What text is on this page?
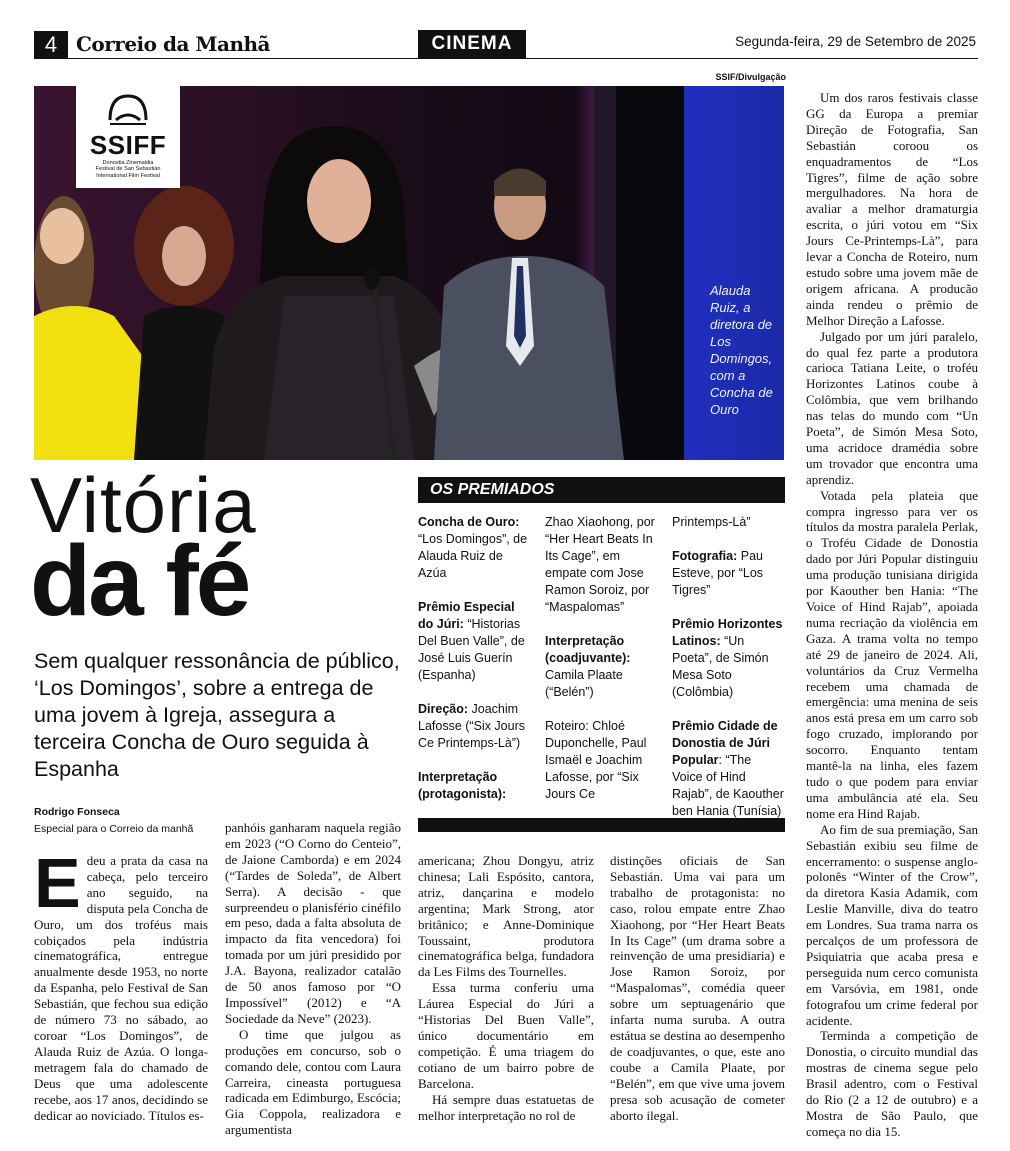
4 Correio da Manhã	CINEMA	Segunda-feira, 29 de Setembro de 2025
SSIF/Divulgação
SSIFF
Donostia Zinemaldia
Festival de San Sebastián
International Film Festival
Alauda Ruiz, a diretora de Los Domingos, com a Concha de Ouro
Vitória
da fé
Sem qualquer ressonância de público, ‘Los Domingos’, sobre a entrega de uma jovem à Igreja, assegura a terceira Concha de Ouro seguida à Espanha
Rodrigo Fonseca
Especial para o Correio da manhã
OS PREMIADOS
Concha de Ouro: “Los Domingos”, de Alauda Ruiz de Azúa
Prêmio Especial do Júri: “Historias Del Buen Valle”, de José Luis Guerín (Espanha)
Direção: Joachim Lafosse (“Six Jours Ce Printemps-Là”)
Interpretação (protagonista):
Zhao Xiaohong, por “Her Heart Beats In Its Cage”, em empate com Jose Ramon Soroiz, por “Maspalomas”
Interpretação (coadjuvante): Camila Plaate (“Belén”)
Roteiro: Chloé Duponchelle, Paul Ismaël e Joachim Lafosse, por “Six Jours Ce
Printemps-Là”
Fotografia: Pau Esteve, por “Los Tigres”
Prêmio Horizontes Latinos: “Un Poeta”, de Simón Mesa Soto (Colômbia)
Prêmio Cidade de Donostia de Júri Popular: “The Voice of Hind Rajab”, de Kaouther ben Hania (Tunísia)
E deu a prata da casa na cabeça, pelo terceiro ano seguido, na disputa pela Concha de Ouro, um dos troféus mais cobiçados pela indústria cinematográfica, entregue anualmente desde 1953, no norte da Espanha, pelo Festival de San Sebastián, que fechou sua edição de número 73 no sábado, ao coroar “Los Domingos”, de Alauda Ruiz de Azúa. O longa-metragem fala do chamado de Deus que uma adolescente recebe, aos 17 anos, decidindo se dedicar ao noviciado. Títulos es-

panhóis ganharam naquela região em 2023 (“O Corno do Centeio”, de Jaione Camborda) e em 2024 (“Tardes de Soleda”, de Albert Serra). A decisão - que surpreendeu o planisfério cinéfilo em peso, dada a falta absoluta de impacto da fita vencedora) foi tomada por um júri presidido por J.A. Bayona, realizador catalão de 50 anos famoso por “O Impossível” (2012) e “A Sociedade da Neve” (2023).

O time que julgou as produções em concurso, sob o comando dele, contou com Laura Carreira, cineasta portuguesa radicada em Edimburgo, Escócia; Gia Coppola, realizadora e argumentista

americana; Zhou Dongyu, atriz chinesa; Lali Espósito, cantora, atriz, dançarina e modelo argentina; Mark Strong, ator britânico; e Anne-Dominique Toussaint, produtora cinematográfica belga, fundadora da Les Films des Tournelles.

Essa turma conferiu uma Láurea Especial do Júri a “Historias Del Buen Valle”, único documentário em competição. É uma triagem do cotiano de um bairro pobre de Barcelona.

Há sempre duas estatuetas de melhor interpretação no rol de

distinções oficiais de San Sebastián. Uma vai para um trabalho de protagonista: no caso, rolou empate entre Zhao Xiaohong, por “Her Heart Beats In Its Cage” (um drama sobre a reinvenção de uma presidiaria) e Jose Ramon Soroiz, por “Maspalomas”, comédia queer sobre um septuagenário que infarta numa suruba. A outra estátua se destina ao desempenho de coadjuvantes, o que, este ano coube a Camila Plaate, por “Belén”, em que vive uma jovem presa sob acusação de cometer aborto ilegal.

Um dos raros festivais classe GG da Europa a premiar Direção de Fotografia, San Sebastián coroou os enquadramentos de “Los Tigres”, filme de ação sobre mergulhadores. Na hora de avaliar a melhor dramaturgia escrita, o júri votou em “Six Jours Ce-Printemps-Là”, para levar a Concha de Roteiro, num estudo sobre uma jovem mãe de origem africana. A producão ainda rendeu o prêmio de Melhor Direção a Lafosse.

Julgado por um júri paralelo, do qual fez parte a produtora carioca Tatiana Leite, o troféu Horizontes Latinos coube à Colômbia, que vem brilhando nas telas do mundo com “Un Poeta”, de Simón Mesa Soto, uma acridoce dramédia sobre um trovador que encontra uma aprendiz.

Votada pela plateia que compra ingresso para ver os títulos da mostra paralela Perlak, o Troféu Cidade de Donostia dado por Júri Popular distinguiu uma produção tunisiana dirigida por Kaouther ben Hania: “The Voice of Hind Rajab”, apoiada numa recriação da violência em Gaza. A trama volta no tempo até 29 de janeiro de 2024. Ali, voluntários da Cruz Vermelha recebem uma chamada de emergência: uma menina de seis anos está presa em um carro sob fogo cruzado, implorando por socorro. Enquanto tentam mantê-la na linha, eles fazem tudo o que podem para enviar uma ambulância até ela. Seu nome era Hind Rajab.

Ao fim de sua premiação, San Sebastián exibiu seu filme de encerramento: o suspense anglo-polonês “Winter of the Crow”, da diretora Kasia Adamik, com Leslie Manville, diva do teatro em Londres. Sua trama narra os percalços de um professora de Psiquiatria que acaba presa e perseguida num cerco comunista em Varsóvia, em 1981, onde fotografou um crime federal por acidente.

Terminda a competição de Donostia, o circuito mundial das mostras de cinema segue pelo Brasil adentro, com o Festival do Rio (2 a 12 de outubro) e a Mostra de São Paulo, que começa no dia 15.
